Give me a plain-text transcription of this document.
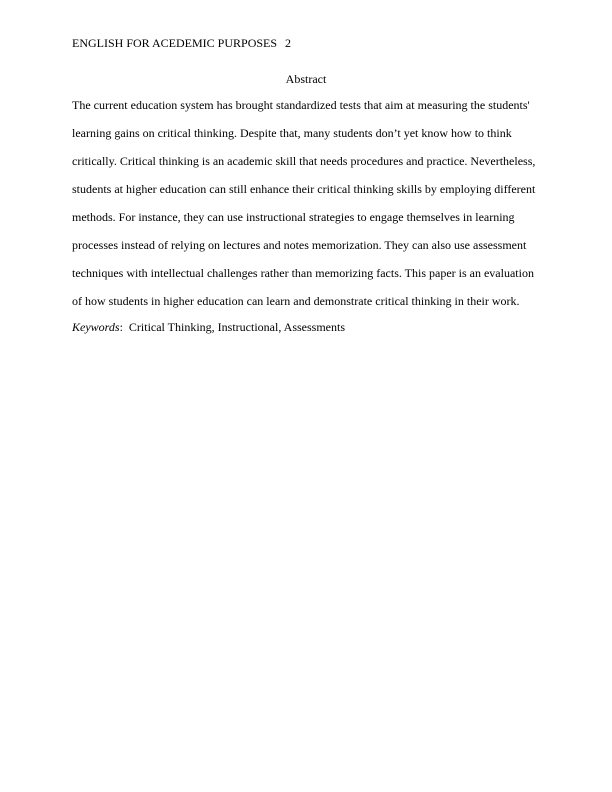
ENGLISH FOR ACEDEMIC PURPOSES 2
Abstract
The current education system has brought standardized tests that aim at measuring the students'
learning gains on critical thinking. Despite that, many students don’t yet know how to think
critically. Critical thinking is an academic skill that needs procedures and practice. Nevertheless,
students at higher education can still enhance their critical thinking skills by employing different
methods. For instance, they can use instructional strategies to engage themselves in learning
processes instead of relying on lectures and notes memorization. They can also use assessment
techniques with intellectual challenges rather than memorizing facts. This paper is an evaluation
of how students in higher education can learn and demonstrate critical thinking in their work.
Keywords: Critical Thinking, Instructional, Assessments
